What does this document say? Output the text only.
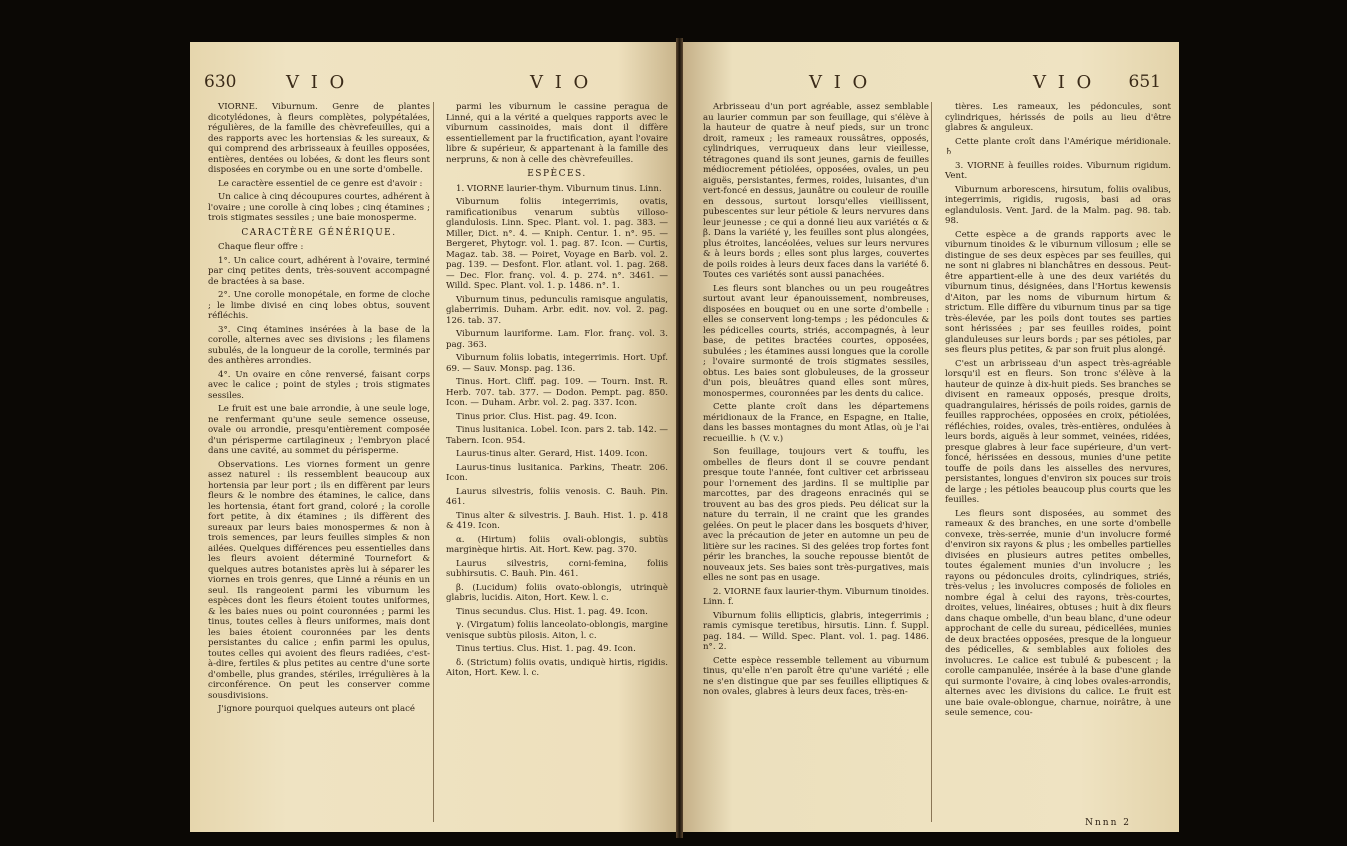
630	V I O	V I O

VIORNE. Viburnum. Genre de plantes dicotylédones, à fleurs complètes, polypétalées, régulières, de la famille des chèvrefeuilles, qui a des rapports avec les hortensias & les sureaux, & qui comprend des arbrisseaux à feuilles opposées, entières, dentées ou lobées, & dont les fleurs sont disposées en corymbe ou en une sorte d'ombelle.

Le caractère essentiel de ce genre est d'avoir :

Un calice à cinq découpures courtes, adhérent à l'ovaire ; une corolle à cinq lobes ; cinq étamines ; trois stigmates sessiles ; une baie monosperme.

CARACTÈRE GÉNÉRIQUE.

Chaque fleur offre :

1°. Un calice court, adhérent à l'ovaire, terminé par cinq petites dents, très-souvent accompagné de bractées à sa base.

2°. Une corolle monopétale, en forme de cloche ; le limbe divisé en cinq lobes obtus, souvent réfléchis.

3°. Cinq étamines insérées à la base de la corolle, alternes avec ses divisions ; les filamens subulés, de la longueur de la corolle, terminés par des anthères arrondies.

4°. Un ovaire en cône renversé, faisant corps avec le calice ; point de styles ; trois stigmates sessiles.

Le fruit est une baie arrondie, à une seule loge, ne renfermant qu'une seule semence osseuse, ovale ou arrondie, presqu'entièrement composée d'un périsperme cartilagineux ; l'embryon placé dans une cavité, au sommet du périsperme.

Observations. Les viornes forment un genre assez naturel : ils ressemblent beaucoup aux hortensia par leur port ; ils en diffèrent par leurs fleurs & le nombre des étamines, le calice, dans les hortensia, étant fort grand, coloré ; la corolle fort petite, à dix étamines ; ils diffèrent des sureaux par leurs baies monospermes & non à trois semences, par leurs feuilles simples & non ailées. Quelques différences peu essentielles dans les fleurs avoient déterminé Tournefort & quelques autres botanistes après lui à séparer les viornes en trois genres, que Linné a réunis en un seul. Ils rangeoient parmi les viburnum les espèces dont les fleurs étoient toutes uniformes, & les baies nues ou point couronnées ; parmi les tinus, toutes celles à fleurs uniformes, mais dont les baies étoient couronnées par les dents persistantes du calice ; enfin parmi les opulus, toutes celles qui avoient des fleurs radiées, c'est-à-dire, fertiles & plus petites au centre d'une sorte d'ombelle, plus grandes, stériles, irrégulières à la circonférence. On peut les conserver comme sousdivisions.

J'ignore pourquoi quelques auteurs ont placé

parmi les viburnum le cassine peragua de Linné, qui a la vérité a quelques rapports avec le viburnum cassinoides, mais dont il diffère essentiellement par la fructification, ayant l'ovaire libre & supérieur, & appartenant à la famille des nerpruns, & non à celle des chèvrefeuilles.

ESPÈCES.

1. VIORNE laurier-thym. Viburnum tinus. Linn.

Viburnum foliis integerrimis, ovatis, ramificationibus venarum subtùs villoso-glandulosis. Linn. Spec. Plant. vol. 1. pag. 383. — Miller, Dict. n°. 4. — Kniph. Centur. 1. n°. 95. — Bergeret, Phytogr. vol. 1. pag. 87. Icon. — Curtis, Magaz. tab. 38. — Poiret, Voyage en Barb. vol. 2. pag. 139. — Desfont. Flor. atlant. vol. 1. pag. 268. — Dec. Flor. franç. vol. 4. p. 274. n°. 3461. — Willd. Spec. Plant. vol. 1. p. 1486. n°. 1.

Viburnum tinus, pedunculis ramisque angulatis, glaberrimis. Duham. Arbr. edit. nov. vol. 2. pag. 126. tab. 37.

Viburnum lauriforme. Lam. Flor. franç. vol. 3. pag. 363.

Viburnum foliis lobatis, integerrimis. Hort. Upf. 69. — Sauv. Monsp. pag. 136.

Tinus. Hort. Cliff. pag. 109. — Tourn. Inst. R. Herb. 707. tab. 377. — Dodon. Pempt. pag. 850. Icon. — Duham. Arbr. vol. 2. pag. 337. Icon.

Tinus prior. Clus. Hist. pag. 49. Icon.

Tinus lusitanica. Lobel. Icon. pars 2. tab. 142. — Tabern. Icon. 954.

Laurus-tinus alter. Gerard, Hist. 1409. Icon.

Laurus-tinus lusitanica. Parkins, Theatr. 206. Icon.

Laurus silvestris, foliis venosis. C. Bauh. Pin. 461.

Tinus alter & silvestris. J. Bauh. Hist. 1. p. 418 & 419. Icon.

α. (Hirtum) foliis ovali-oblongis, subtùs marginèque hirtis. Ait. Hort. Kew. pag. 370.

Laurus silvestris, corni-femina, foliis subhirsutis. C. Bauh. Pin. 461.

β. (Lucidum) foliis ovato-oblongis, utrinquè glabris, lucidis. Aiton, Hort. Kew. l. c.

Tinus secundus. Clus. Hist. 1. pag. 49. Icon.

γ. (Virgatum) foliis lanceolato-oblongis, margine venisque subtùs pilosis. Aiton, l. c.

Tinus tertius. Clus. Hist. 1. pag. 49. Icon.

δ. (Strictum) foliis ovatis, undiquè hirtis, rigidis. Aiton, Hort. Kew. l. c.

V I O	V I O 651

Arbrisseau d'un port agréable, assez semblable au laurier commun par son feuillage, qui s'élève à la hauteur de quatre à neuf pieds, sur un tronc droit, rameux ; les rameaux roussâtres, opposés, cylindriques, verruqueux dans leur vieillesse, tétragones quand ils sont jeunes, garnis de feuilles médiocrement pétiolées, opposées, ovales, un peu aiguës, persistantes, fermes, roides, luisantes, d'un vert-foncé en dessus, jaunâtre ou couleur de rouille en dessous, surtout lorsqu'elles vieillissent, pubescentes sur leur pétiole & leurs nervures dans leur jeunesse ; ce qui a donné lieu aux variétés α & β. Dans la variété γ, les feuilles sont plus alongées, plus étroites, lancéolées, velues sur leurs nervures & à leurs bords ; elles sont plus larges, couvertes de poils roides à leurs deux faces dans la variété δ. Toutes ces variétés sont aussi panachées.

Les fleurs sont blanches ou un peu rougeâtres surtout avant leur épanouissement, nombreuses, disposées en bouquet ou en une sorte d'ombelle : elles se conservent long-temps ; les pédoncules & les pédicelles courts, striés, accompagnés, à leur base, de petites bractées courtes, opposées, subulées ; les étamines aussi longues que la corolle ; l'ovaire surmonté de trois stigmates sessiles, obtus. Les baies sont globuleuses, de la grosseur d'un pois, bleuâtres quand elles sont mûres, monospermes, couronnées par les dents du calice.

Cette plante croît dans les départemens méridionaux de la France, en Espagne, en Italie, dans les basses montagnes du mont Atlas, où je l'ai recueillie. ♄ (V. v.)

Son feuillage, toujours vert & touffu, les ombelles de fleurs dont il se couvre pendant presque toute l'année, font cultiver cet arbrisseau pour l'ornement des jardins. Il se multiplie par marcottes, par des drageons enracinés qui se trouvent au bas des gros pieds. Peu délicat sur la nature du terrain, il ne craint que les grandes gelées. On peut le placer dans les bosquets d'hiver, avec la précaution de jeter en automne un peu de litière sur les racines. Si des gelées trop fortes font périr les branches, la souche repousse bientôt de nouveaux jets. Ses baies sont très-purgatives, mais elles ne sont pas en usage.

2. VIORNE faux laurier-thym. Viburnum tinoides. Linn. f.

Viburnum foliis ellipticis, glabris, integerrimis ; ramis cymisque teretibus, hirsutis. Linn. f. Suppl. pag. 184. — Willd. Spec. Plant. vol. 1. pag. 1486. n°. 2.

Cette espèce ressemble tellement au viburnum tinus, qu'elle n'en paroît être qu'une variété ; elle ne s'en distingue que par ses feuilles elliptiques & non ovales, glabres à leurs deux faces, très-en-

tières. Les rameaux, les pédoncules, sont cylindriques, hérissés de poils au lieu d'être glabres & anguleux.

Cette plante croît dans l'Amérique méridionale. ♄

3. VIORNE à feuilles roides. Viburnum rigidum. Vent.

Viburnum arborescens, hirsutum, foliis ovalibus, integerrimis, rigidis, rugosis, basi ad oras eglandulosis. Vent. Jard. de la Malm. pag. 98. tab. 98.

Cette espèce a de grands rapports avec le viburnum tinoides & le viburnum villosum ; elle se distingue de ses deux espèces par ses feuilles, qui ne sont ni glabres ni blanchâtres en dessous. Peut-être appartient-elle à une des deux variétés du viburnum tinus, désignées, dans l'Hortus kewensis d'Aiton, par les noms de viburnum hirtum & strictum. Elle diffère du viburnum tinus par sa tige très-élevée, par les poils dont toutes ses parties sont hérissées ; par ses feuilles roides, point glanduleuses sur leurs bords ; par ses pétioles, par ses fleurs plus petites, & par son fruit plus alongé.

C'est un arbrisseau d'un aspect très-agréable lorsqu'il est en fleurs. Son tronc s'élève à la hauteur de quinze à dix-huit pieds. Ses branches se divisent en rameaux opposés, presque droits, quadrangulaires, hérissés de poils roides, garnis de feuilles rapprochées, opposées en croix, pétiolées, réfléchies, roides, ovales, très-entières, ondulées à leurs bords, aiguës à leur sommet, veinées, ridées, presque glabres à leur face supérieure, d'un vert-foncé, hérissées en dessous, munies d'une petite touffe de poils dans les aisselles des nervures, persistantes, longues d'environ six pouces sur trois de large ; les pétioles beaucoup plus courts que les feuilles.

Les fleurs sont disposées, au sommet des rameaux & des branches, en une sorte d'ombelle convexe, très-serrée, munie d'un involucre formé d'environ six rayons & plus ; les ombelles partielles divisées en plusieurs autres petites ombelles, toutes également munies d'un involucre ; les rayons ou pédoncules droits, cylindriques, striés, très-velus ; les involucres composés de folioles en nombre égal à celui des rayons, très-courtes, droites, velues, linéaires, obtuses ; huit à dix fleurs dans chaque ombelle, d'un beau blanc, d'une odeur approchant de celle du sureau, pédicellées, munies de deux bractées opposées, presque de la longueur des pédicelles, & semblables aux folioles des involucres. Le calice est tubulé & pubescent ; la corolle campanulée, insérée à la base d'une glande qui surmonte l'ovaire, à cinq lobes ovales-arrondis, alternes avec les divisions du calice. Le fruit est une baie ovale-oblongue, charnue, noirâtre, à une seule semence, cou-

Nnnn 2
